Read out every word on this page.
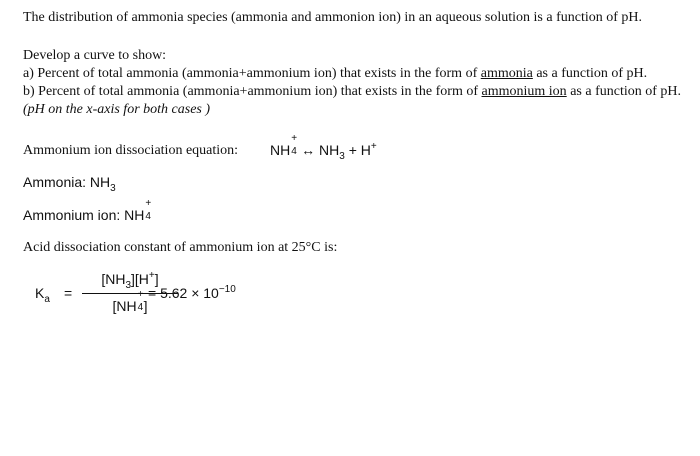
The distribution of ammonia species (ammonia and ammonion ion) in an aqueous solution is a function of pH.
Develop a curve to show:
a) Percent of total ammonia (ammonia+ammonium ion) that exists in the form of ammonia as a function of pH.
b) Percent of total ammonia (ammonia+ammonium ion) that exists in the form of ammonium ion as a function of pH.
(pH on the x-axis for both cases )
Ammonium ion dissociation equation: NH
+
4 ↔ $NH_3 + H^+$
Ammonia: $NH_3$
Ammonium ion: NH
+
4
Acid dissociation constant of ammonium ion at 25°C is:
$K_a$ =
$[NH_3][H^+]$
[NH
+
4 ]
= $5.62 \times 10^{-10}$
